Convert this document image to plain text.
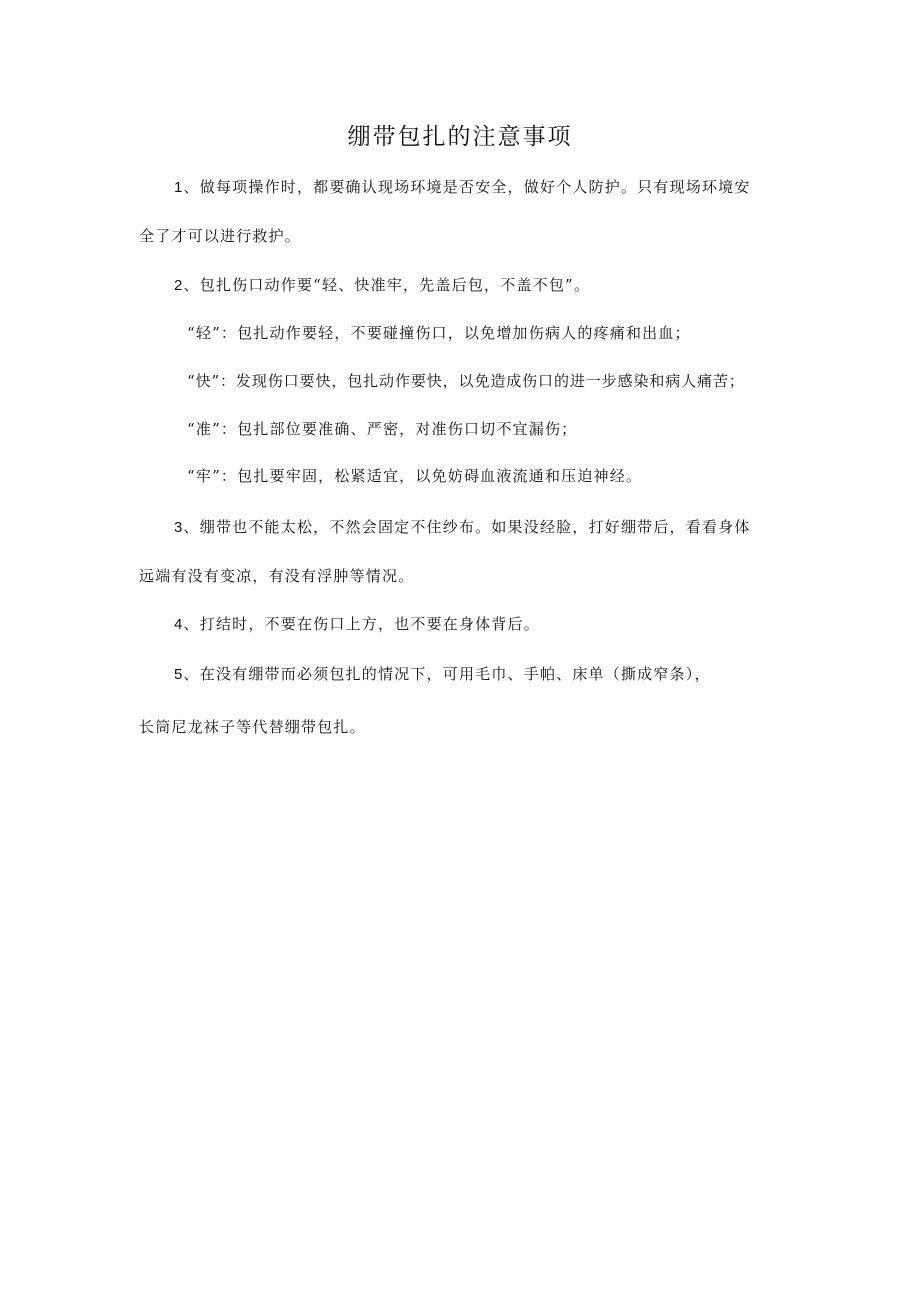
绷带包扎的注意事项
1、做每项操作时，都要确认现场环境是否安全，做好个人防护。只有现场环境安
全了才可以进行救护。
2、包扎伤口动作要“轻、快准牢，先盖后包，不盖不包”。
“轻”：包扎动作要轻，不要碰撞伤口，以免增加伤病人的疼痛和出血；
“快”：发现伤口要快，包扎动作要快，以免造成伤口的进一步感染和病人痛苦；
“准”：包扎部位要准确、严密，对准伤口切不宜漏伤；
“牢”：包扎要牢固，松紧适宜，以免妨碍血液流通和压迫神经。
3、绷带也不能太松，不然会固定不住纱布。如果没经脸，打好绷带后，看看身体
远端有没有变凉，有没有浮肿等情况。
4、打结时，不要在伤口上方，也不要在身体背后。
5、在没有绷带而必须包扎的情况下，可用毛巾、手帕、床单（撕成窄条），
长筒尼龙袜子等代替绷带包扎。
